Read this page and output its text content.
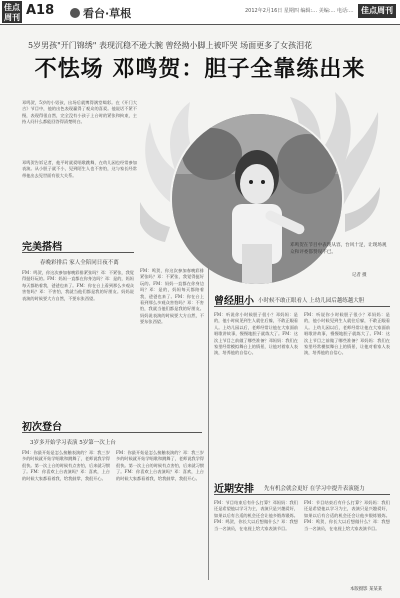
佳点 周刊 A18	看台·草根	2012年2月16日 星期四 编辑:… 美编:… 电话:… 佳点周刊
5岁男孩"开门锦绣" 表现沉稳不逊大腕 曾经拗小脚上被吓哭 场面更多了女孩泪花
不怯场 邓鸣贺：胆子全靠练出来
邓鸣贺，5岁的小男孩，出场后就博得满堂喝彩。在《开门大吉》节目中，他的出色表现赢得了观众的喜爱。他说话不紧不慢，表现得很自然，完全没有小孩子上台时的紧张和拘束，主持人问什么都能回答得清楚明白。
邓鸣贺告诉记者，他平时就爱唱歌跳舞，在幼儿园也经常参加表演。从小胆子就不小，见到陌生人也不害怕，这与家长经常带他出去见世面有很大关系。
邓鸣贺在节目中表现从容，台风十足，让现场观众和评委都赞叹不已。
记者 摄
完美搭档
春晚彩排后 家人全陪同日夜不离
FM：鸣贺，你这次参加春晚彩排紧张吗？邓：不紧张，我觉得挺好玩的。FM：妈妈一直都在你身边吗？邓：是的，妈妈每天都陪着我，爸爸也来了。FM：你在台上看到那么多观众害怕吗？邓：不害怕，我就当他们都是我的好朋友。妈妈说表演的时候要大方自然，不要东张西望。
FM：鸣贺，你这次参加春晚彩排紧张吗？邓：不紧张，我觉得挺好玩的。FM：妈妈一直都在你身边吗？邓：是的，妈妈每天都陪着我，爸爸也来了。FM：你在台上看到那么多观众害怕吗？邓：不害怕，我就当他们都是我的好朋友。妈妈说表演的时候要大方自然，不要东张西望。
曾经胆小 小时候不敢正眼看人 上幼儿园后越练越大胆
FM：听说你小时候胆子很小？邓妈妈：是的，他小时候见到生人就往后躲，不敢正眼看人。上幼儿园以后，老师经常让他在大家面前唱歌讲故事，慢慢地胆子就练大了。FM：这次上节目之前做了哪些准备？邓妈妈：我们在家里经常模拟舞台上的情景，让他对着家人表演，培养他的自信心。
FM：听说你小时候胆子很小？邓妈妈：是的，他小时候见到生人就往后躲，不敢正眼看人。上幼儿园以后，老师经常让他在大家面前唱歌讲故事，慢慢地胆子就练大了。FM：这次上节目之前做了哪些准备？邓妈妈：我们在家里经常模拟舞台上的情景，让他对着家人表演，培养他的自信心。
初次登台
3岁多开始学习表演 5岁第一次上台
FM：你最开始是怎么接触表演的？邓：我三岁多的时候就开始学唱歌和跳舞了，老师说我学得很快。第一次上台的时候有点害怕，后来就习惯了。FM：你喜欢上台表演吗？邓：喜欢，上台的时候大家都看着我，给我鼓掌，我很开心。
FM：你最开始是怎么接触表演的？邓：我三岁多的时候就开始学唱歌和跳舞了，老师说我学得很快。第一次上台的时候有点害怕，后来就习惯了。FM：你喜欢上台表演吗？邓：喜欢，上台的时候大家都看着我，给我鼓掌，我很开心。
近期安排 先有机会就会更好 在学习中提升表演能力
FM：节目结束后有什么打算？邓妈妈：我们还是希望他以学习为主，表演只是兴趣爱好，如果以后有合适的机会还会让他多锻炼锻炼。FM：鸣贺，你长大以后想做什么？邓：我想当一名演员，在电视上给大家表演节目。
FM：节目结束后有什么打算？邓妈妈：我们还是希望他以学习为主，表演只是兴趣爱好，如果以后有合适的机会还会让他多锻炼锻炼。FM：鸣贺，你长大以后想做什么？邓：我想当一名演员，在电视上给大家表演节目。
本版摄影 某某某
